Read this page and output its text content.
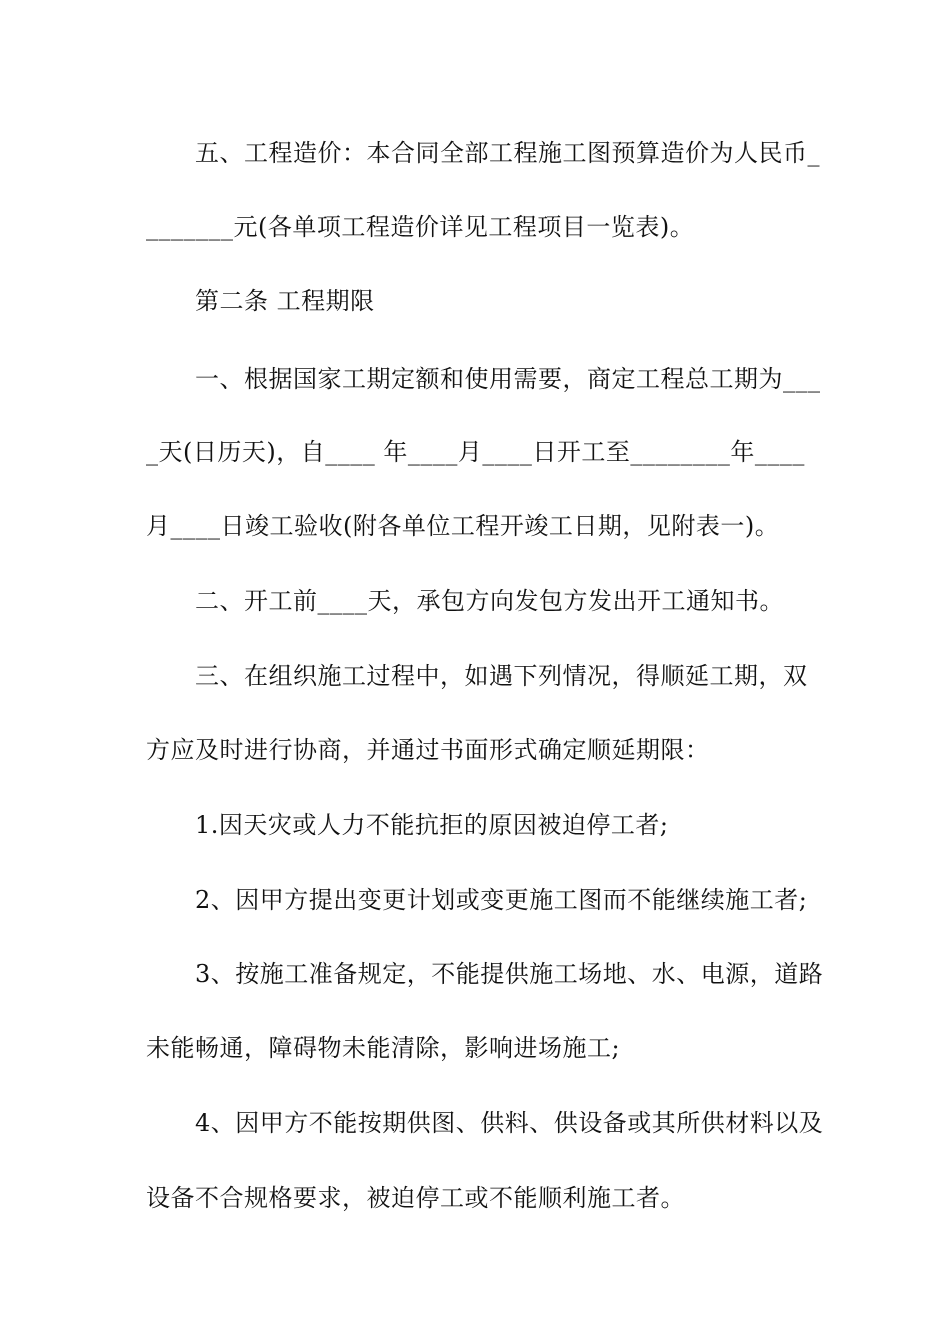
　　五、工程造价：本合同全部工程施工图预算造价为人民币_
_______元(各单项工程造价详见工程项目一览表)。
　　第二条 工程期限
　　一、根据国家工期定额和使用需要，商定工程总工期为___
_天(日历天)，自____ 年____月____日开工至________年____
月____日竣工验收(附各单位工程开竣工日期，见附表一)。
　　二、开工前____天，承包方向发包方发出开工通知书。
　　三、在组织施工过程中，如遇下列情况，得顺延工期，双
方应及时进行协商，并通过书面形式确定顺延期限：
　　1.因天灾或人力不能抗拒的原因被迫停工者;
　　2、因甲方提出变更计划或变更施工图而不能继续施工者;
　　3、按施工准备规定，不能提供施工场地、水、电源，道路
未能畅通，障碍物未能清除，影响进场施工;
　　4、因甲方不能按期供图、供料、供设备或其所供材料以及
设备不合规格要求，被迫停工或不能顺利施工者。
